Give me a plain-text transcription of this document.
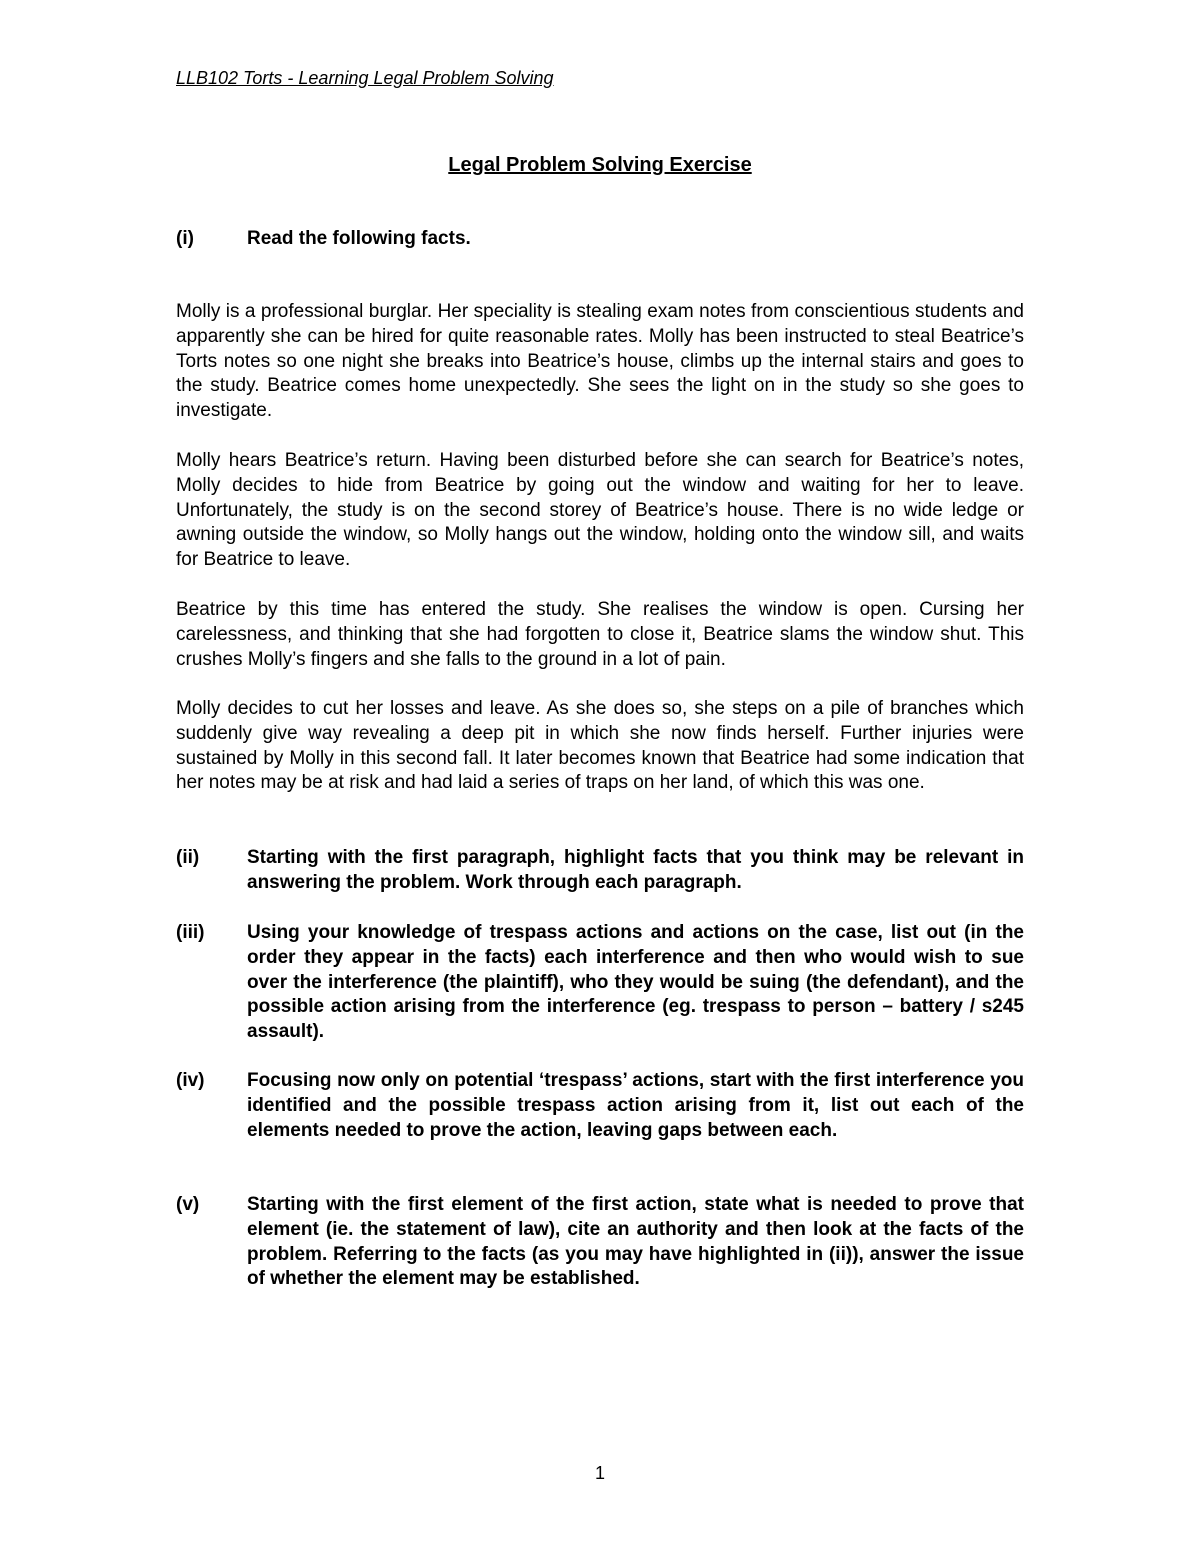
LLB102 Torts - Learning Legal Problem Solving
Legal Problem Solving Exercise
(i)	Read the following facts.
Molly is a professional burglar. Her speciality is stealing exam notes from conscientious students and apparently she can be hired for quite reasonable rates. Molly has been instructed to steal Beatrice’s Torts notes so one night she breaks into Beatrice’s house, climbs up the internal stairs and goes to the study. Beatrice comes home unexpectedly. She sees the light on in the study so she goes to investigate.
Molly hears Beatrice’s return. Having been disturbed before she can search for Beatrice’s notes, Molly decides to hide from Beatrice by going out the window and waiting for her to leave. Unfortunately, the study is on the second storey of Beatrice’s house. There is no wide ledge or awning outside the window, so Molly hangs out the window, holding onto the window sill, and waits for Beatrice to leave.
Beatrice by this time has entered the study. She realises the window is open. Cursing her carelessness, and thinking that she had forgotten to close it, Beatrice slams the window shut. This crushes Molly’s fingers and she falls to the ground in a lot of pain.
Molly decides to cut her losses and leave. As she does so, she steps on a pile of branches which suddenly give way revealing a deep pit in which she now finds herself. Further injuries were sustained by Molly in this second fall. It later becomes known that Beatrice had some indication that her notes may be at risk and had laid a series of traps on her land, of which this was one.
(ii)	Starting with the first paragraph, highlight facts that you think may be relevant in answering the problem. Work through each paragraph.
(iii) Using your knowledge of trespass actions and actions on the case, list out (in the order they appear in the facts) each interference and then who would wish to sue over the interference (the plaintiff), who they would be suing (the defendant), and the possible action arising from the interference (eg. trespass to person – battery / s245 assault).
(iv) Focusing now only on potential ‘trespass’ actions, start with the first interference you identified and the possible trespass action arising from it, list out each of the elements needed to prove the action, leaving gaps between each.
(v)	Starting with the first element of the first action, state what is needed to prove that element (ie. the statement of law), cite an authority and then look at the facts of the problem. Referring to the facts (as you may have highlighted in (ii)), answer the issue of whether the element may be established.
1
